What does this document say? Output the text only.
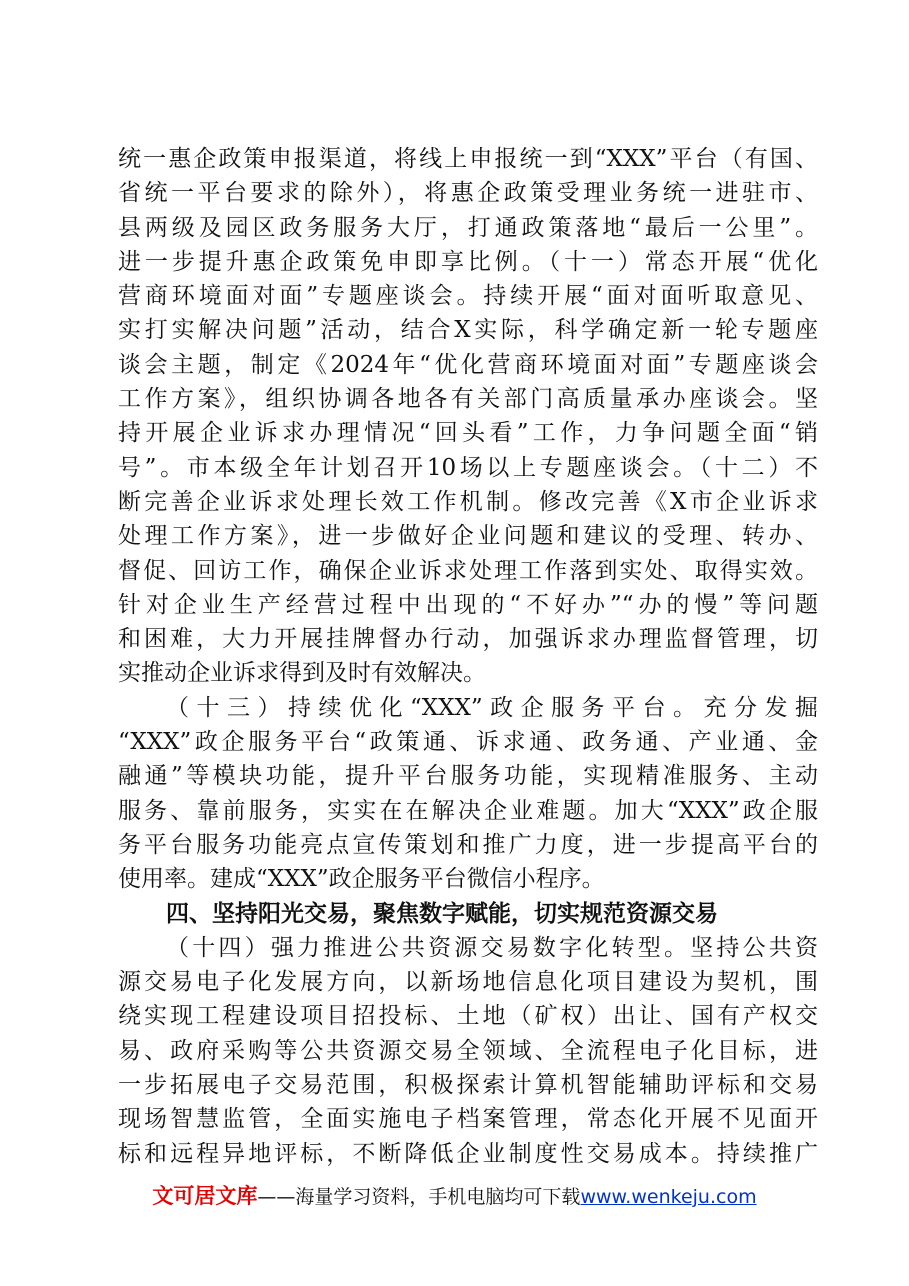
统一惠企政策申报渠道，将线上申报统一到“XXX”平台（有国、
省统一平台要求的除外），将惠企政策受理业务统一进驻市、
县两级及园区政务服务大厅，打通政策落地“最后一公里”。
进一步提升惠企政策免申即享比例。（十一）常态开展“优化
营商环境面对面”专题座谈会。持续开展“面对面听取意见、
实打实解决问题”活动，结合X实际，科学确定新一轮专题座
谈会主题，制定《2024年“优化营商环境面对面”专题座谈会
工作方案》，组织协调各地各有关部门高质量承办座谈会。坚
持开展企业诉求办理情况“回头看”工作，力争问题全面“销
号”。市本级全年计划召开10场以上专题座谈会。（十二）不
断完善企业诉求处理长效工作机制。修改完善《X市企业诉求
处理工作方案》，进一步做好企业问题和建议的受理、转办、
督促、回访工作，确保企业诉求处理工作落到实处、取得实效。
针对企业生产经营过程中出现的“不好办”“办的慢”等问题
和困难，大力开展挂牌督办行动，加强诉求办理监督管理，切
实推动企业诉求得到及时有效解决。
（十三）持续优化“XXX”政企服务平台。充分发掘
“XXX”政企服务平台“政策通、诉求通、政务通、产业通、金
融通”等模块功能，提升平台服务功能，实现精准服务、主动
服务、靠前服务，实实在在解决企业难题。加大“XXX”政企服
务平台服务功能亮点宣传策划和推广力度，进一步提高平台的
使用率。建成“XXX”政企服务平台微信小程序。
四、坚持阳光交易，聚焦数字赋能，切实规范资源交易
（十四）强力推进公共资源交易数字化转型。坚持公共资
源交易电子化发展方向，以新场地信息化项目建设为契机，围
绕实现工程建设项目招投标、土地（矿权）出让、国有产权交
易、政府采购等公共资源交易全领域、全流程电子化目标，进
一步拓展电子交易范围，积极探索计算机智能辅助评标和交易
现场智慧监管，全面实施电子档案管理，常态化开展不见面开
标和远程异地评标，不断降低企业制度性交易成本。持续推广
文可居文库——海量学习资料，手机电脑均可下载www.wenkeju.com
